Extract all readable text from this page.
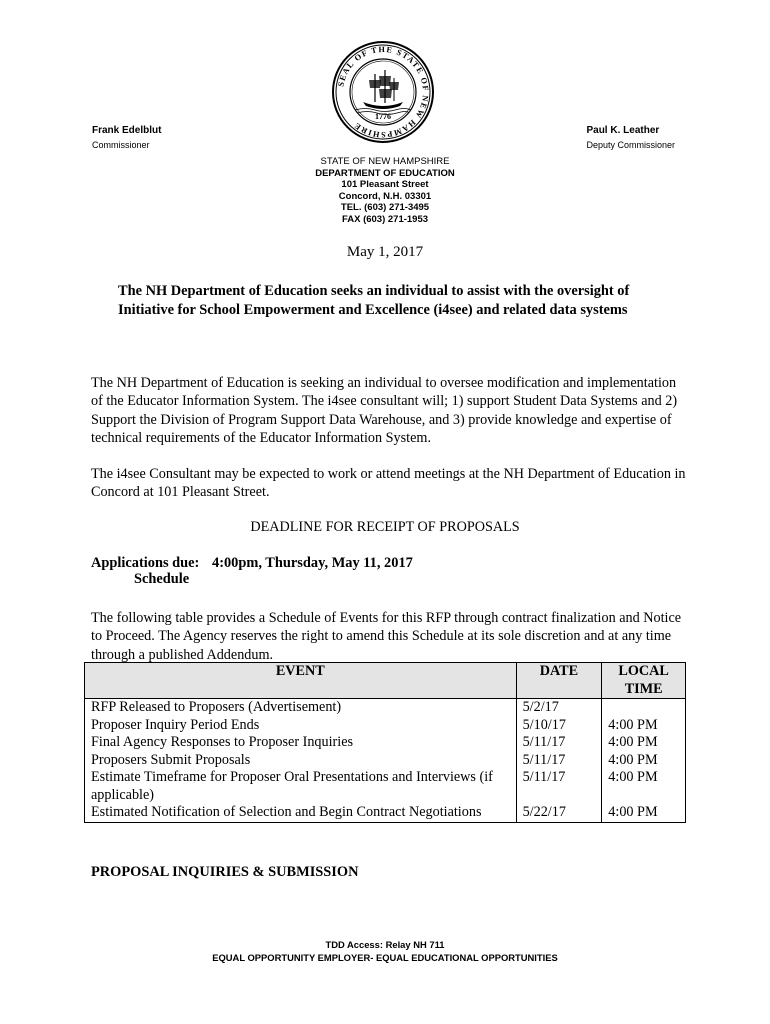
SEAL OF THE STATE OF NEW HAMPSHIRE
1776
Frank Edelblut
Commissioner
Paul K. Leather
Deputy Commissioner
STATE OF NEW HAMPSHIRE
DEPARTMENT OF EDUCATION
101 Pleasant Street
Concord, N.H. 03301
TEL. (603) 271-3495
FAX (603) 271-1953
May 1, 2017
The NH Department of Education seeks an individual to assist with the oversight of Initiative for School Empowerment and Excellence (i4see) and related data systems
The NH Department of Education is seeking an individual to oversee modification and implementation of the Educator Information System. The i4see consultant will; 1) support Student Data Systems and 2) Support the Division of Program Support Data Warehouse, and 3) provide knowledge and expertise of technical requirements of the Educator Information System.
The i4see Consultant may be expected to work or attend meetings at the NH Department of Education in Concord at 101 Pleasant Street.
DEADLINE FOR RECEIPT OF PROPOSALS
Applications due: 4:00pm, Thursday, May 11, 2017
Schedule
The following table provides a Schedule of Events for this RFP through contract finalization and Notice to Proceed. The Agency reserves the right to amend this Schedule at its sole discretion and at any time through a published Addendum.
EVENT	DATE	LOCAL TIME
RFP Released to Proposers (Advertisement)	5/2/17	
Proposer Inquiry Period Ends	5/10/17	4:00 PM
Final Agency Responses to Proposer Inquiries	5/11/17	4:00 PM
Proposers Submit Proposals	5/11/17	4:00 PM
Estimate Timeframe for Proposer Oral Presentations and Interviews (if applicable)	5/11/17	4:00 PM
Estimated Notification of Selection and Begin Contract Negotiations	5/22/17	4:00 PM
PROPOSAL INQUIRIES & SUBMISSION
TDD Access: Relay NH 711
EQUAL OPPORTUNITY EMPLOYER- EQUAL EDUCATIONAL OPPORTUNITIES
